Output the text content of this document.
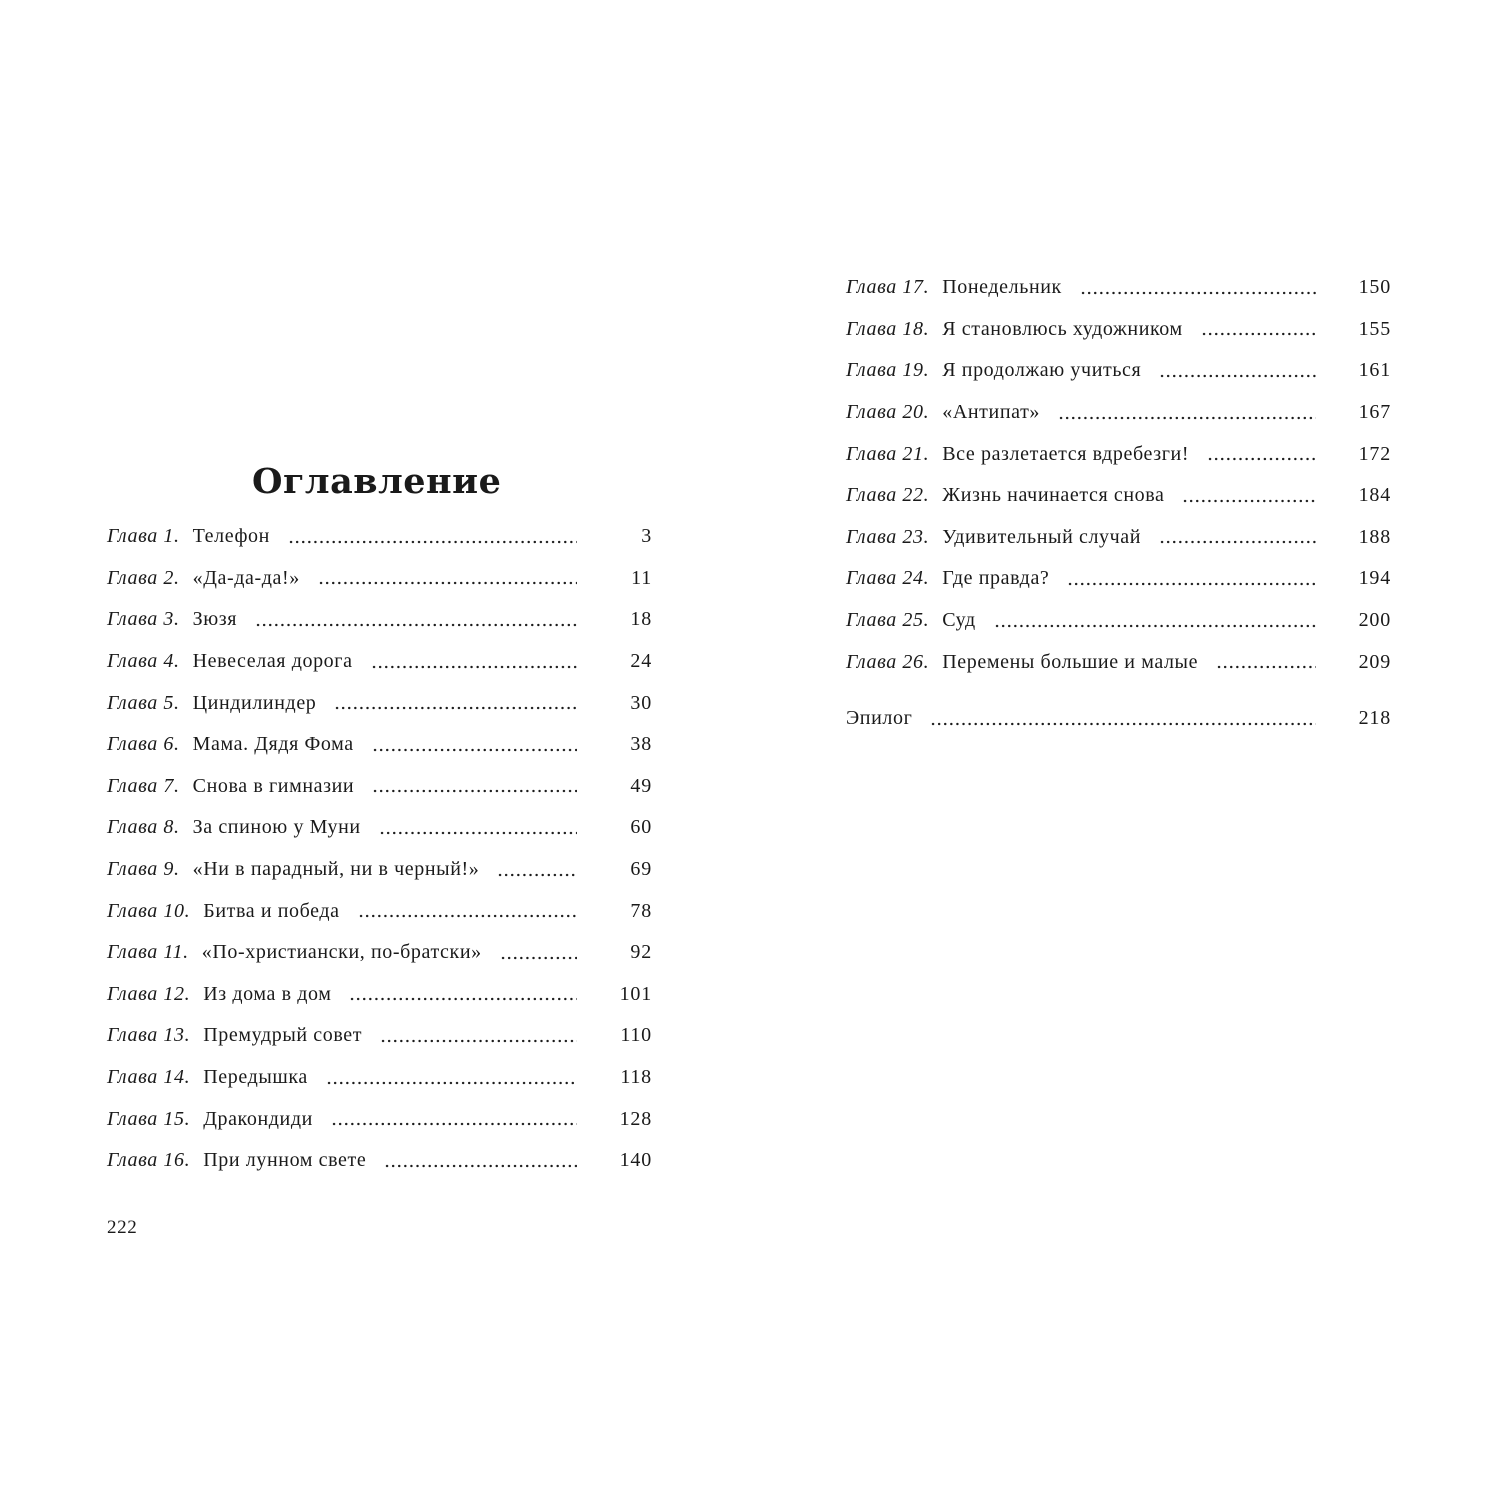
Оглавление
Глава 1. Телефон	3
Глава 2. «Да-да-да!»	11
Глава 3. Зюзя	18
Глава 4. Невеселая дорога	24
Глава 5. Циндилиндер	30
Глава 6. Мама. Дядя Фома	38
Глава 7. Снова в гимназии	49
Глава 8. За спиною у Муни	60
Глава 9. «Ни в парадный, ни в черный!»	69
Глава 10. Битва и победа	78
Глава 11. «По-христиански, по-братски»	92
Глава 12. Из дома в дом	101
Глава 13. Премудрый совет	110
Глава 14. Передышка	118
Глава 15. Дракондиди	128
Глава 16. При лунном свете	140
Глава 17. Понедельник	150
Глава 18. Я становлюсь художником	155
Глава 19. Я продолжаю учиться	161
Глава 20. «Антипат»	167
Глава 21. Все разлетается вдребезги!	172
Глава 22. Жизнь начинается снова	184
Глава 23. Удивительный случай	188
Глава 24. Где правда?	194
Глава 25. Суд	200
Глава 26. Перемены большие и малые	209
Эпилог	218
222
